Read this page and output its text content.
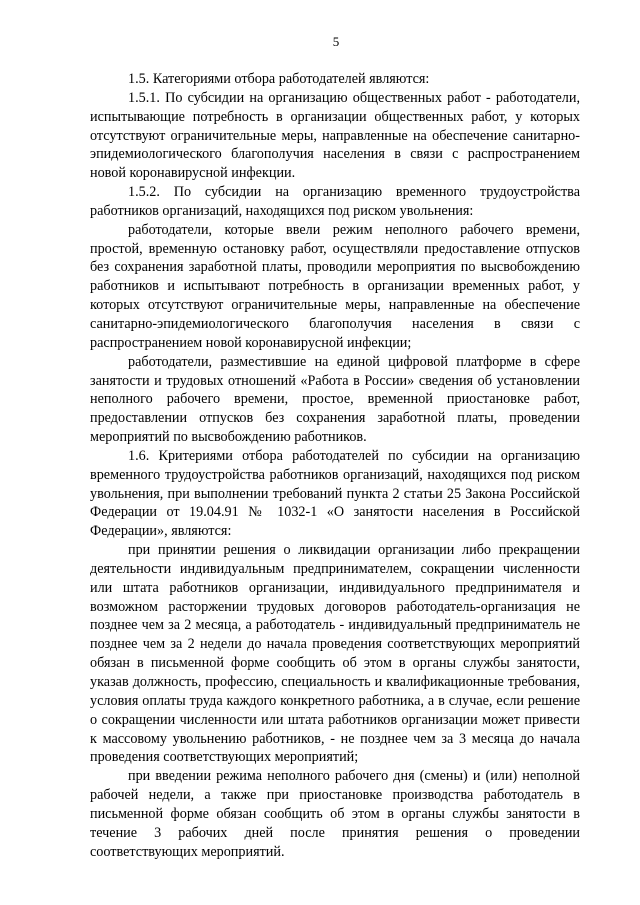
5

1.5. Категориями отбора работодателей являются:

1.5.1. По субсидии на организацию общественных работ - работодатели, испытывающие потребность в организации общественных работ, у которых отсутствуют ограничительные меры, направленные на обеспечение санитарно-эпидемиологического благополучия населения в связи с распространением новой коронавирусной инфекции.

1.5.2. По субсидии на организацию временного трудоустройства работников организаций, находящихся под риском увольнения:

работодатели, которые ввели режим неполного рабочего времени, простой, временную остановку работ, осуществляли предоставление отпусков без сохранения заработной платы, проводили мероприятия по высвобождению работников и испытывают потребность в организации временных работ, у которых отсутствуют ограничительные меры, направленные на обеспечение санитарно-эпидемиологического благополучия населения в связи с распространением новой коронавирусной инфекции;

работодатели, разместившие на единой цифровой платформе в сфере занятости и трудовых отношений «Работа в России» сведения об установлении неполного рабочего времени, простое, временной приостановке работ, предоставлении отпусков без сохранения заработной платы, проведении мероприятий по высвобождению работников.

1.6. Критериями отбора работодателей по субсидии на организацию временного трудоустройства работников организаций, находящихся под риском увольнения, при выполнении требований пункта 2 статьи 25 Закона Российской Федерации от 19.04.91 № 1032-1 «О занятости населения в Российской Федерации», являются:

при принятии решения о ликвидации организации либо прекращении деятельности индивидуальным предпринимателем, сокращении численности или штата работников организации, индивидуального предпринимателя и возможном расторжении трудовых договоров работодатель-организация не позднее чем за 2 месяца, а работодатель - индивидуальный предприниматель не позднее чем за 2 недели до начала проведения соответствующих мероприятий обязан в письменной форме сообщить об этом в органы службы занятости, указав должность, профессию, специальность и квалификационные требования, условия оплаты труда каждого конкретного работника, а в случае, если решение о сокращении численности или штата работников организации может привести к массовому увольнению работников, - не позднее чем за 3 месяца до начала проведения соответствующих мероприятий;

при введении режима неполного рабочего дня (смены) и (или) неполной рабочей недели, а также при приостановке производства работодатель в письменной форме обязан сообщить об этом в органы службы занятости в течение 3 рабочих дней после принятия решения о проведении соответствующих мероприятий.
